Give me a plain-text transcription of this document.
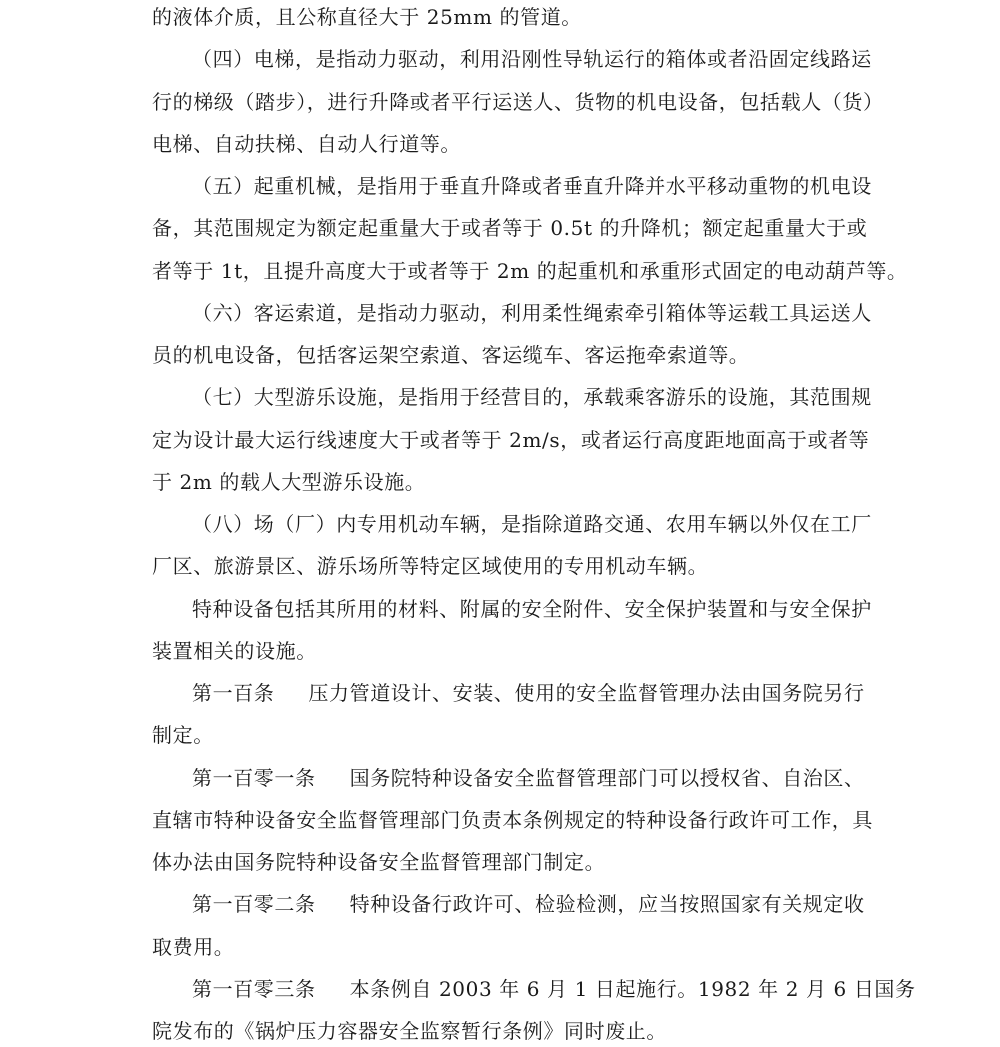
的液体介质，且公称直径大于 25mm 的管道。
（四）电梯，是指动力驱动，利用沿刚性导轨运行的箱体或者沿固定线路运
行的梯级（踏步），进行升降或者平行运送人、货物的机电设备，包括载人（货）
电梯、自动扶梯、自动人行道等。
（五）起重机械，是指用于垂直升降或者垂直升降并水平移动重物的机电设
备，其范围规定为额定起重量大于或者等于 0.5t 的升降机；额定起重量大于或
者等于 1t，且提升高度大于或者等于 2m 的起重机和承重形式固定的电动葫芦等。
（六）客运索道，是指动力驱动，利用柔性绳索牵引箱体等运载工具运送人
员的机电设备，包括客运架空索道、客运缆车、客运拖牵索道等。
（七）大型游乐设施，是指用于经营目的，承载乘客游乐的设施，其范围规
定为设计最大运行线速度大于或者等于 2m/s，或者运行高度距地面高于或者等
于 2m 的载人大型游乐设施。
（八）场（厂）内专用机动车辆，是指除道路交通、农用车辆以外仅在工厂
厂区、旅游景区、游乐场所等特定区域使用的专用机动车辆。
特种设备包括其所用的材料、附属的安全附件、安全保护装置和与安全保护
装置相关的设施。
第一百条 压力管道设计、安装、使用的安全监督管理办法由国务院另行
制定。
第一百零一条 国务院特种设备安全监督管理部门可以授权省、自治区、
直辖市特种设备安全监督管理部门负责本条例规定的特种设备行政许可工作，具
体办法由国务院特种设备安全监督管理部门制定。
第一百零二条 特种设备行政许可、检验检测，应当按照国家有关规定收
取费用。
第一百零三条 本条例自 2003 年 6 月 1 日起施行。1982 年 2 月 6 日国务
院发布的《锅炉压力容器安全监察暂行条例》同时废止。
